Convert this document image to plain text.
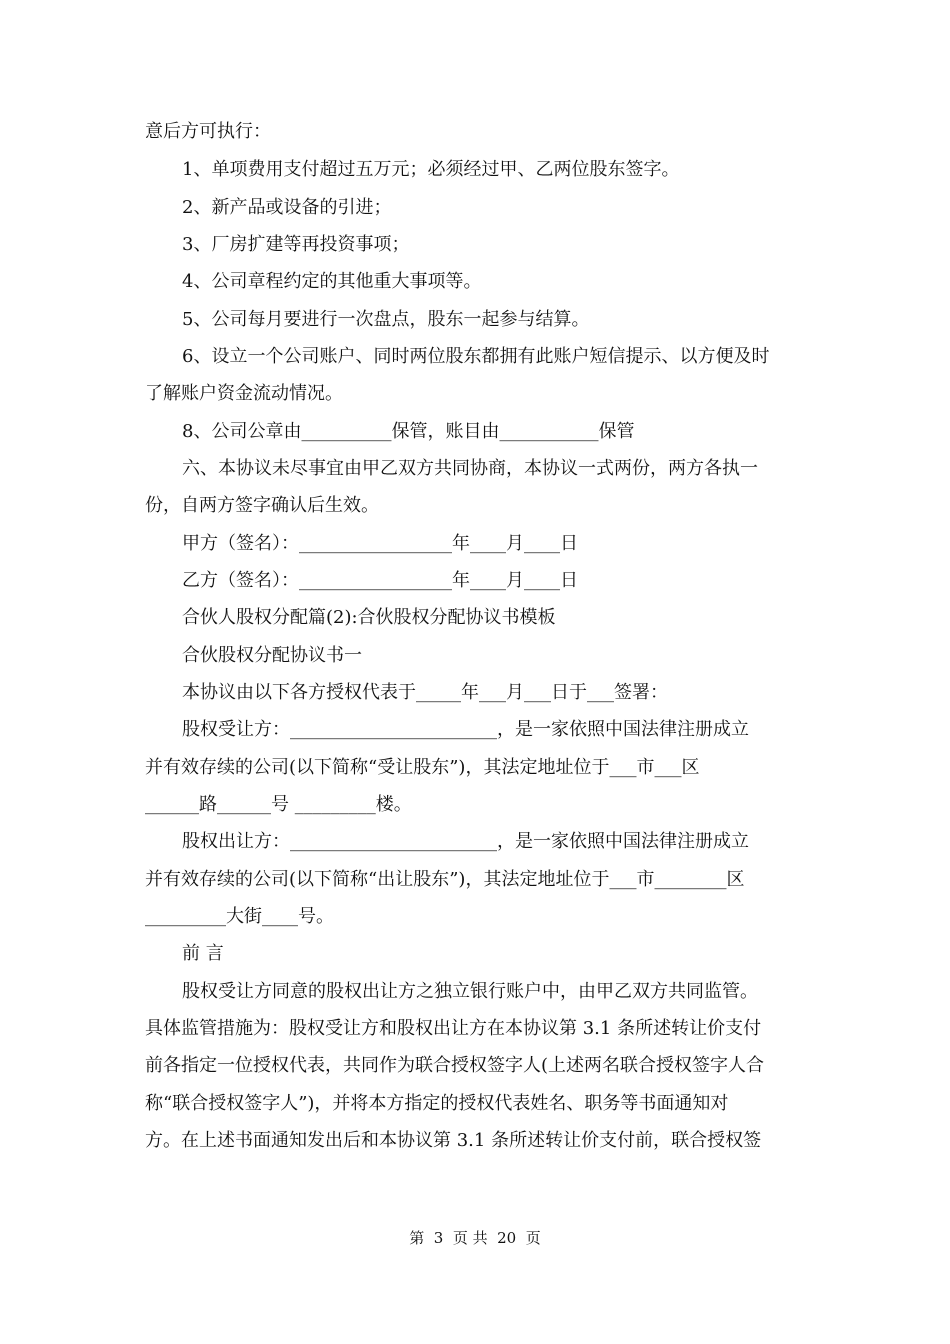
意后方可执行：
1、单项费用支付超过五万元；必须经过甲、乙两位股东签字。
2、新产品或设备的引进；
3、厂房扩建等再投资事项；
4、公司章程约定的其他重大事项等。
5、公司每月要进行一次盘点，股东一起参与结算。
6、设立一个公司账户、同时两位股东都拥有此账户短信提示、以方便及时
了解账户资金流动情况。
8、公司公章由__________保管，账目由___________保管
六、本协议未尽事宜由甲乙双方共同协商，本协议一式两份，两方各执一
份，自两方签字确认后生效。
甲方（签名）：_________________年____月____日
乙方（签名）：_________________年____月____日
合伙人股权分配篇(2):合伙股权分配协议书模板
合伙股权分配协议书一
本协议由以下各方授权代表于_____年___月___日于___签署：
股权受让方：_______________________，是一家依照中国法律注册成立
并有效存续的公司(以下简称“受让股东”)，其法定地址位于___市___区
______路______号 _________楼。
股权出让方：_______________________，是一家依照中国法律注册成立
并有效存续的公司(以下简称“出让股东”)，其法定地址位于___市________区
_________大街____号。
前 言
股权受让方同意的股权出让方之独立银行账户中，由甲乙双方共同监管。
具体监管措施为：股权受让方和股权出让方在本协议第 3.1 条所述转让价支付
前各指定一位授权代表，共同作为联合授权签字人(上述两名联合授权签字人合
称“联合授权签字人”)，并将本方指定的授权代表姓名、职务等书面通知对
方。在上述书面通知发出后和本协议第 3.1 条所述转让价支付前，联合授权签
第  3  页 共  20  页
